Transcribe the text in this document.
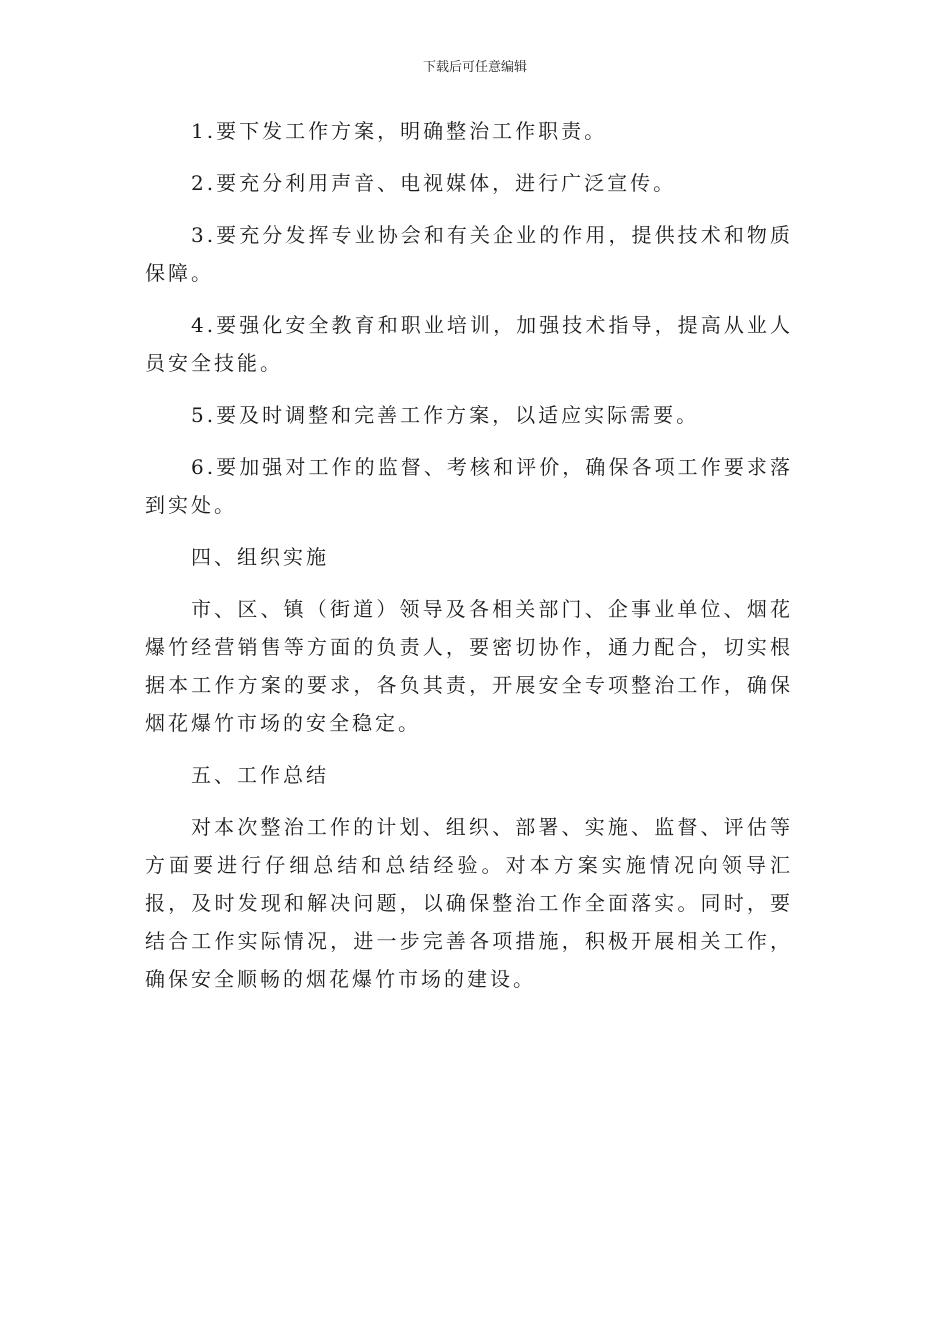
下载后可任意编辑

1.要下发工作方案，明确整治工作职责。

2.要充分利用声音、电视媒体，进行广泛宣传。

3.要充分发挥专业协会和有关企业的作用，提供技术和物质保障。

4.要强化安全教育和职业培训，加强技术指导，提高从业人员安全技能。

5.要及时调整和完善工作方案，以适应实际需要。

6.要加强对工作的监督、考核和评价，确保各项工作要求落到实处。

四、组织实施

市、区、镇（街道）领导及各相关部门、企事业单位、烟花爆竹经营销售等方面的负责人，要密切协作，通力配合，切实根据本工作方案的要求，各负其责，开展安全专项整治工作，确保烟花爆竹市场的安全稳定。

五、工作总结

对本次整治工作的计划、组织、部署、实施、监督、评估等方面要进行仔细总结和总结经验。对本方案实施情况向领导汇报，及时发现和解决问题，以确保整治工作全面落实。同时，要结合工作实际情况，进一步完善各项措施，积极开展相关工作，确保安全顺畅的烟花爆竹市场的建设。
